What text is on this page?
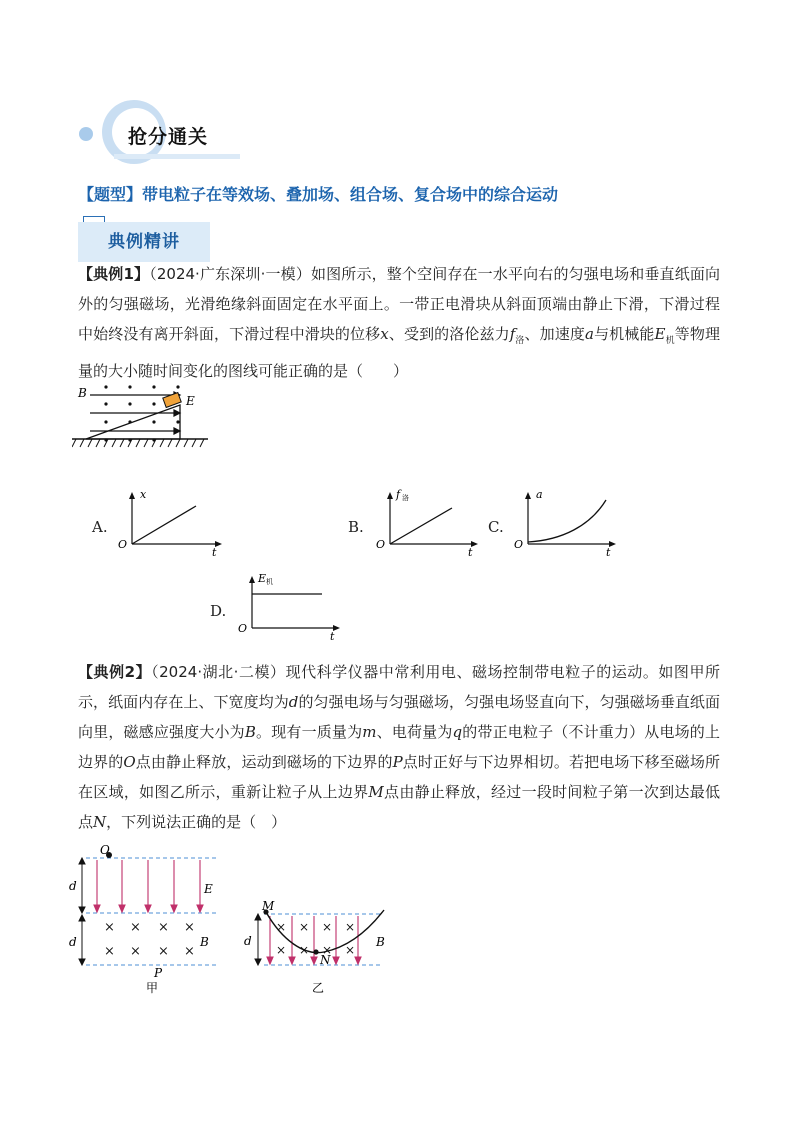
抢分通关
【题型】带电粒子在等效场、叠加场、组合场、复合场中的综合运动
典例精讲

【典例1】（2024·广东深圳·一模）如图所示，整个空间存在一水平向右的匀强电场和垂直纸面向外的匀强磁场，光滑绝缘斜面固定在水平面上。一带正电滑块从斜面顶端由静止下滑，下滑过程中始终没有离开斜面，下滑过程中滑块的位移x、受到的洛伦兹力$f_洛$、加速度a与机械能$E_机$等物理量的大小随时间变化的图线可能正确的是（　　）

B
E
A.
x
t
O
B.
f 洛
t
O
C.
a
t
O
D.
E 机
t
O

【典例2】（2024·湖北·二模）现代科学仪器中常利用电、磁场控制带电粒子的运动。如图甲所示，纸面内存在上、下宽度均为d的匀强电场与匀强磁场，匀强电场竖直向下，匀强磁场垂直纸面向里，磁感应强度大小为B。现有一质量为m、电荷量为q的带正电粒子（不计重力）从电场的上边界的O点由静止释放，运动到磁场的下边界的P点时正好与下边界相切。若把电场下移至磁场所在区域，如图乙所示，重新让粒子从上边界M点由静止释放，经过一段时间粒子第一次到达最低点N，下列说法正确的是（　）

O
E
B
d
d
P
甲
× × × ×
× × × ×
M
N
B
d
乙
× × × ×
× × × ×
